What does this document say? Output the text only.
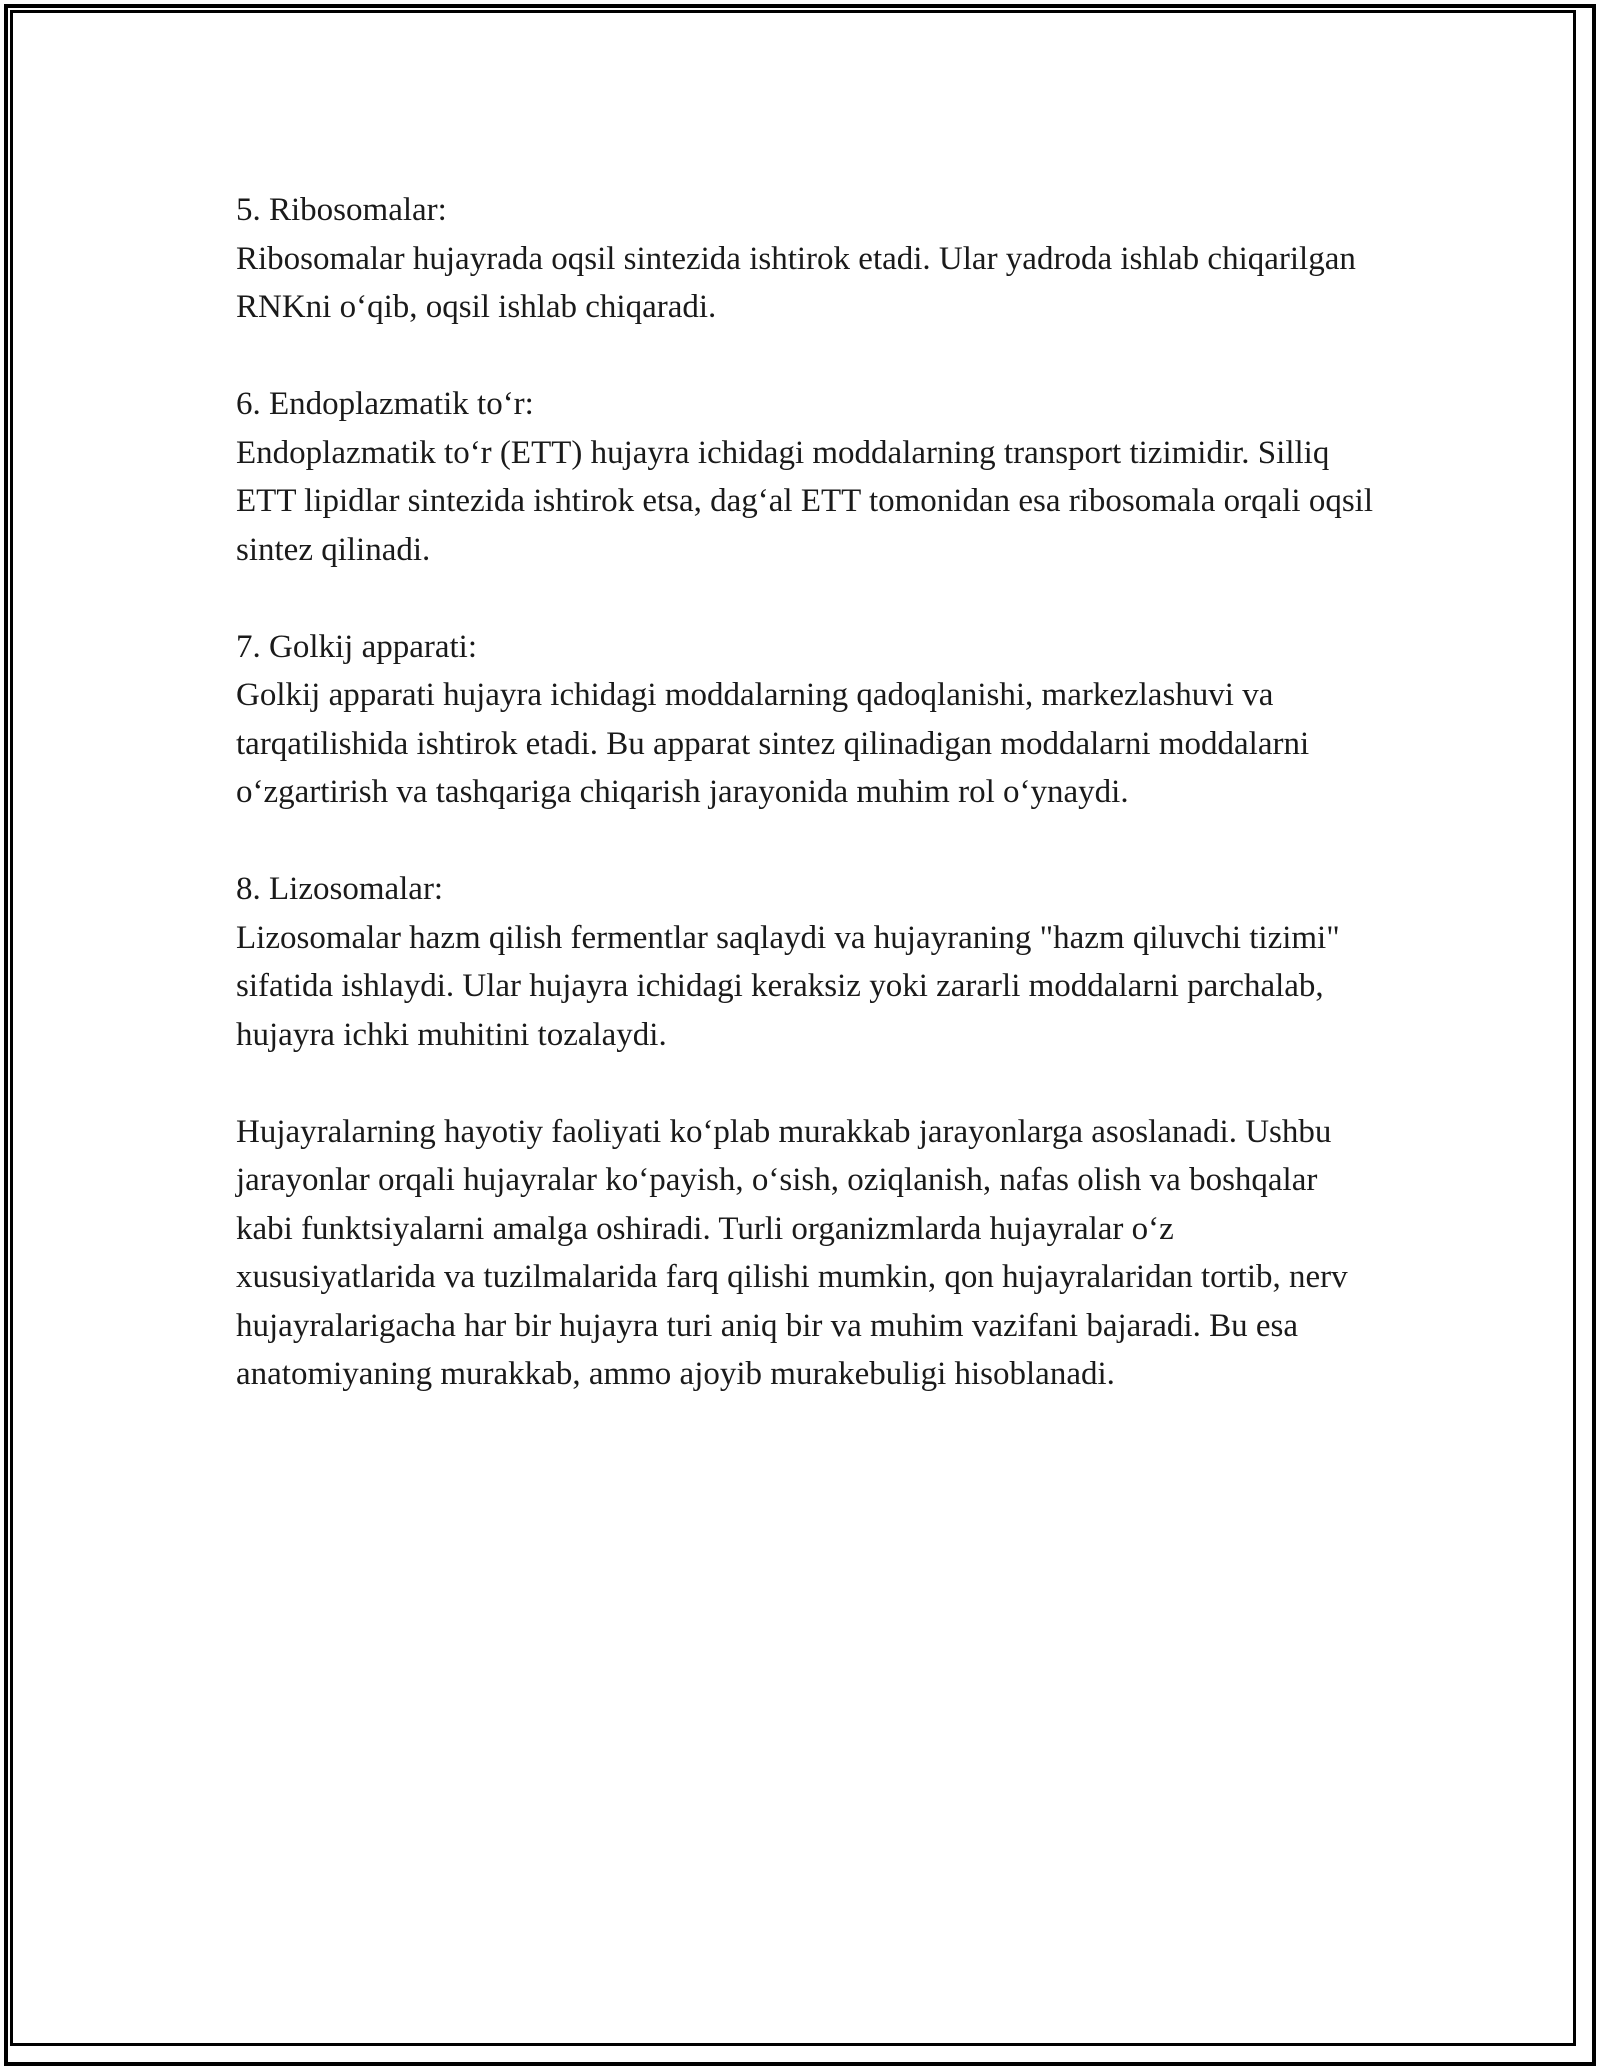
5. Ribosomalar:

Ribosomalar hujayrada oqsil sintezida ishtirok etadi. Ular yadroda ishlab chiqarilgan RNKni o‘qib, oqsil ishlab chiqaradi.

6. Endoplazmatik to‘r:

Endoplazmatik to‘r (ETT) hujayra ichidagi moddalarning transport tizimidir. Silliq ETT lipidlar sintezida ishtirok etsa, dag‘al ETT tomonidan esa ribosomala orqali oqsil sintez qilinadi.

7. Golkij apparati:

Golkij apparati hujayra ichidagi moddalarning qadoqlanishi, markezlashuvi va tarqatilishida ishtirok etadi. Bu apparat sintez qilinadigan moddalarni moddalarni o‘zgartirish va tashqariga chiqarish jarayonida muhim rol o‘ynaydi.

8. Lizosomalar:

Lizosomalar hazm qilish fermentlar saqlaydi va hujayraning "hazm qiluvchi tizimi" sifatida ishlaydi. Ular hujayra ichidagi keraksiz yoki zararli moddalarni parchalab, hujayra ichki muhitini tozalaydi.

Hujayralarning hayotiy faoliyati ko‘plab murakkab jarayonlarga asoslanadi. Ushbu jarayonlar orqali hujayralar ko‘payish, o‘sish, oziqlanish, nafas olish va boshqalar kabi funktsiyalarni amalga oshiradi. Turli organizmlarda hujayralar o‘z xususiyatlarida va tuzilmalarida farq qilishi mumkin, qon hujayralaridan tortib, nerv hujayralarigacha har bir hujayra turi aniq bir va muhim vazifani bajaradi. Bu esa anatomiyaning murakkab, ammo ajoyib murakebuligi hisoblanadi.
